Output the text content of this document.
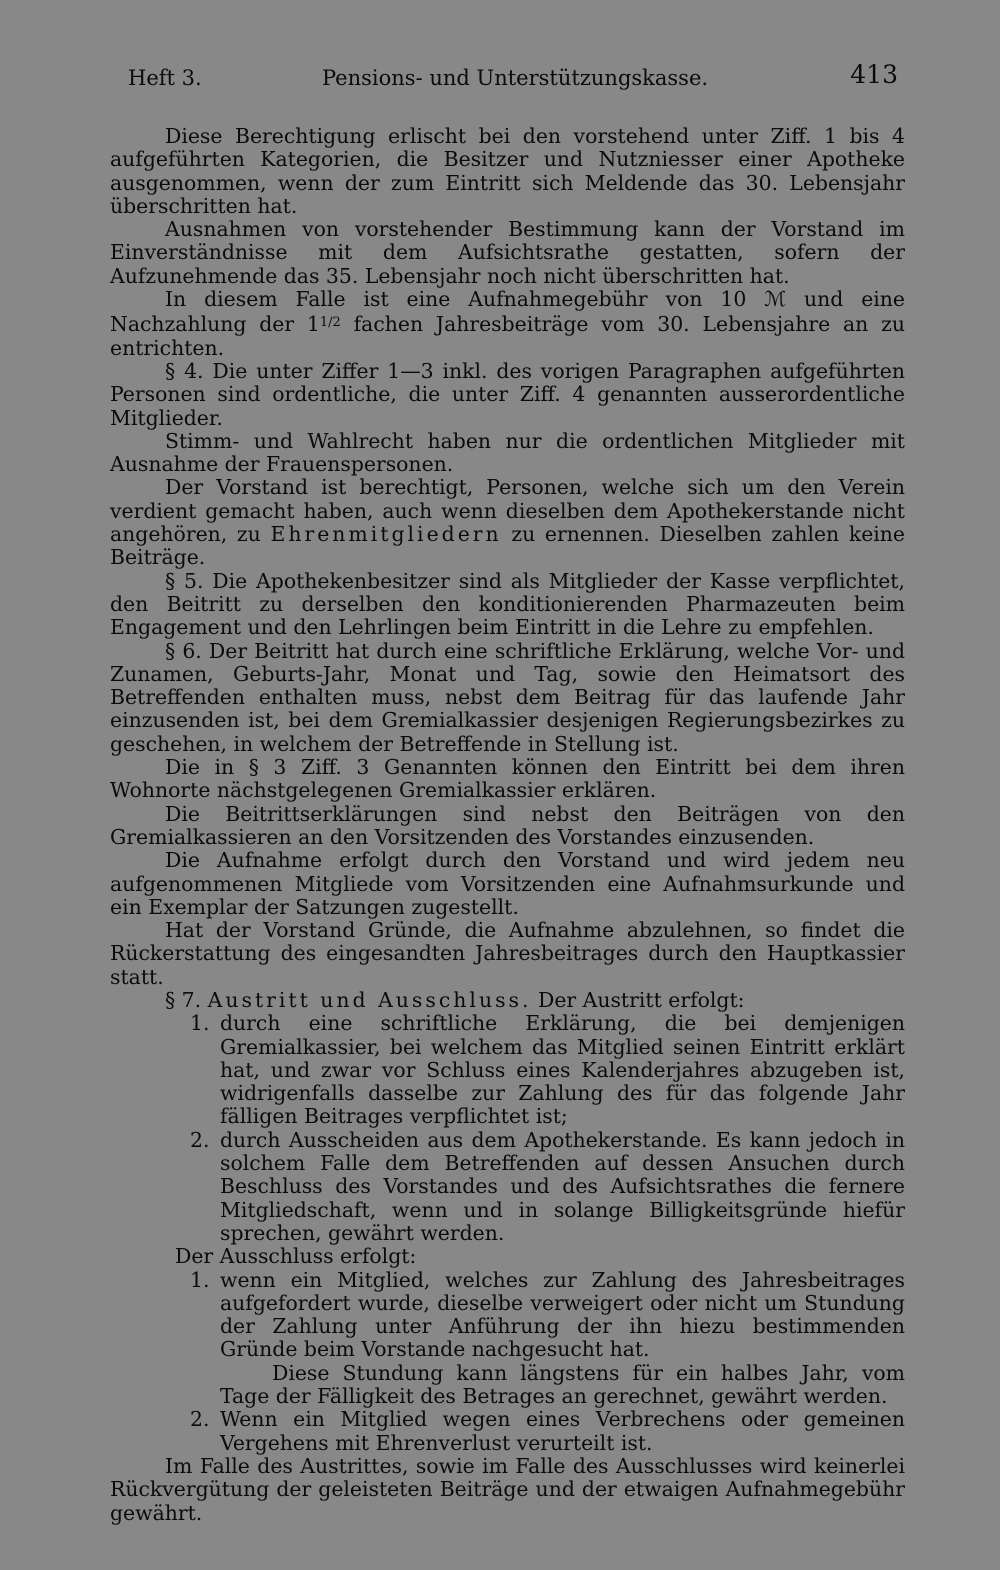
Heft 3.	Pensions- und Unterstützungskasse.	413

Diese Berechtigung erlischt bei den vorstehend unter Ziff. 1 bis 4 aufgeführten Kategorien, die Besitzer und Nutzniesser einer Apotheke ausgenommen, wenn der zum Eintritt sich Meldende das 30. Lebensjahr überschritten hat.

Ausnahmen von vorstehender Bestimmung kann der Vorstand im Einverständnisse mit dem Aufsichtsrathe gestatten, sofern der Aufzunehmende das 35. Lebensjahr noch nicht überschritten hat.

In diesem Falle ist eine Aufnahmegebühr von 10 ℳ und eine Nachzahlung der $1^{1/2}$ fachen Jahresbeiträge vom 30. Lebensjahre an zu entrichten.

§ 4. Die unter Ziffer 1—3 inkl. des vorigen Paragraphen aufgeführten Personen sind ordentliche, die unter Ziff. 4 genannten ausserordentliche Mitglieder.

Stimm- und Wahlrecht haben nur die ordentlichen Mitglieder mit Ausnahme der Frauenspersonen.

Der Vorstand ist berechtigt, Personen, welche sich um den Verein verdient gemacht haben, auch wenn dieselben dem Apothekerstande nicht angehören, zu Ehrenmitgliedern zu ernennen. Dieselben zahlen keine Beiträge.

§ 5. Die Apothekenbesitzer sind als Mitglieder der Kasse verpflichtet, den Beitritt zu derselben den konditionierenden Pharmazeuten beim Engagement und den Lehrlingen beim Eintritt in die Lehre zu empfehlen.

§ 6. Der Beitritt hat durch eine schriftliche Erklärung, welche Vor- und Zunamen, Geburts-Jahr, Monat und Tag, sowie den Heimatsort des Betreffenden enthalten muss, nebst dem Beitrag für das laufende Jahr einzusenden ist, bei dem Gremialkassier desjenigen Regierungsbezirkes zu geschehen, in welchem der Betreffende in Stellung ist.

Die in § 3 Ziff. 3 Genannten können den Eintritt bei dem ihren Wohnorte nächstgelegenen Gremialkassier erklären.

Die Beitrittserklärungen sind nebst den Beiträgen von den Gremialkassieren an den Vorsitzenden des Vorstandes einzusenden.

Die Aufnahme erfolgt durch den Vorstand und wird jedem neu aufgenommenen Mitgliede vom Vorsitzenden eine Aufnahmsurkunde und ein Exemplar der Satzungen zugestellt.

Hat der Vorstand Gründe, die Aufnahme abzulehnen, so findet die Rückerstattung des eingesandten Jahresbeitrages durch den Hauptkassier statt.

§ 7. Austritt und Ausschluss. Der Austritt erfolgt:

1. durch eine schriftliche Erklärung, die bei demjenigen Gremialkassier, bei welchem das Mitglied seinen Eintritt erklärt hat, und zwar vor Schluss eines Kalenderjahres abzugeben ist, widrigenfalls dasselbe zur Zahlung des für das folgende Jahr fälligen Beitrages verpflichtet ist;
2. durch Ausscheiden aus dem Apothekerstande. Es kann jedoch in solchem Falle dem Betreffenden auf dessen Ansuchen durch Beschluss des Vorstandes und des Aufsichtsrathes die fernere Mitgliedschaft, wenn und in solange Billigkeitsgründe hiefür sprechen, gewährt werden.

Der Ausschluss erfolgt:

1. wenn ein Mitglied, welches zur Zahlung des Jahresbeitrages aufgefordert wurde, dieselbe verweigert oder nicht um Stundung der Zahlung unter Anführung der ihn hiezu bestimmenden Gründe beim Vorstande nachgesucht hat.

Diese Stundung kann längstens für ein halbes Jahr, vom Tage der Fälligkeit des Betrages an gerechnet, gewährt werden.

2. Wenn ein Mitglied wegen eines Verbrechens oder gemeinen Vergehens mit Ehrenverlust verurteilt ist.

Im Falle des Austrittes, sowie im Falle des Ausschlusses wird keinerlei Rückvergütung der geleisteten Beiträge und der etwaigen Aufnahmegebühr gewährt.
